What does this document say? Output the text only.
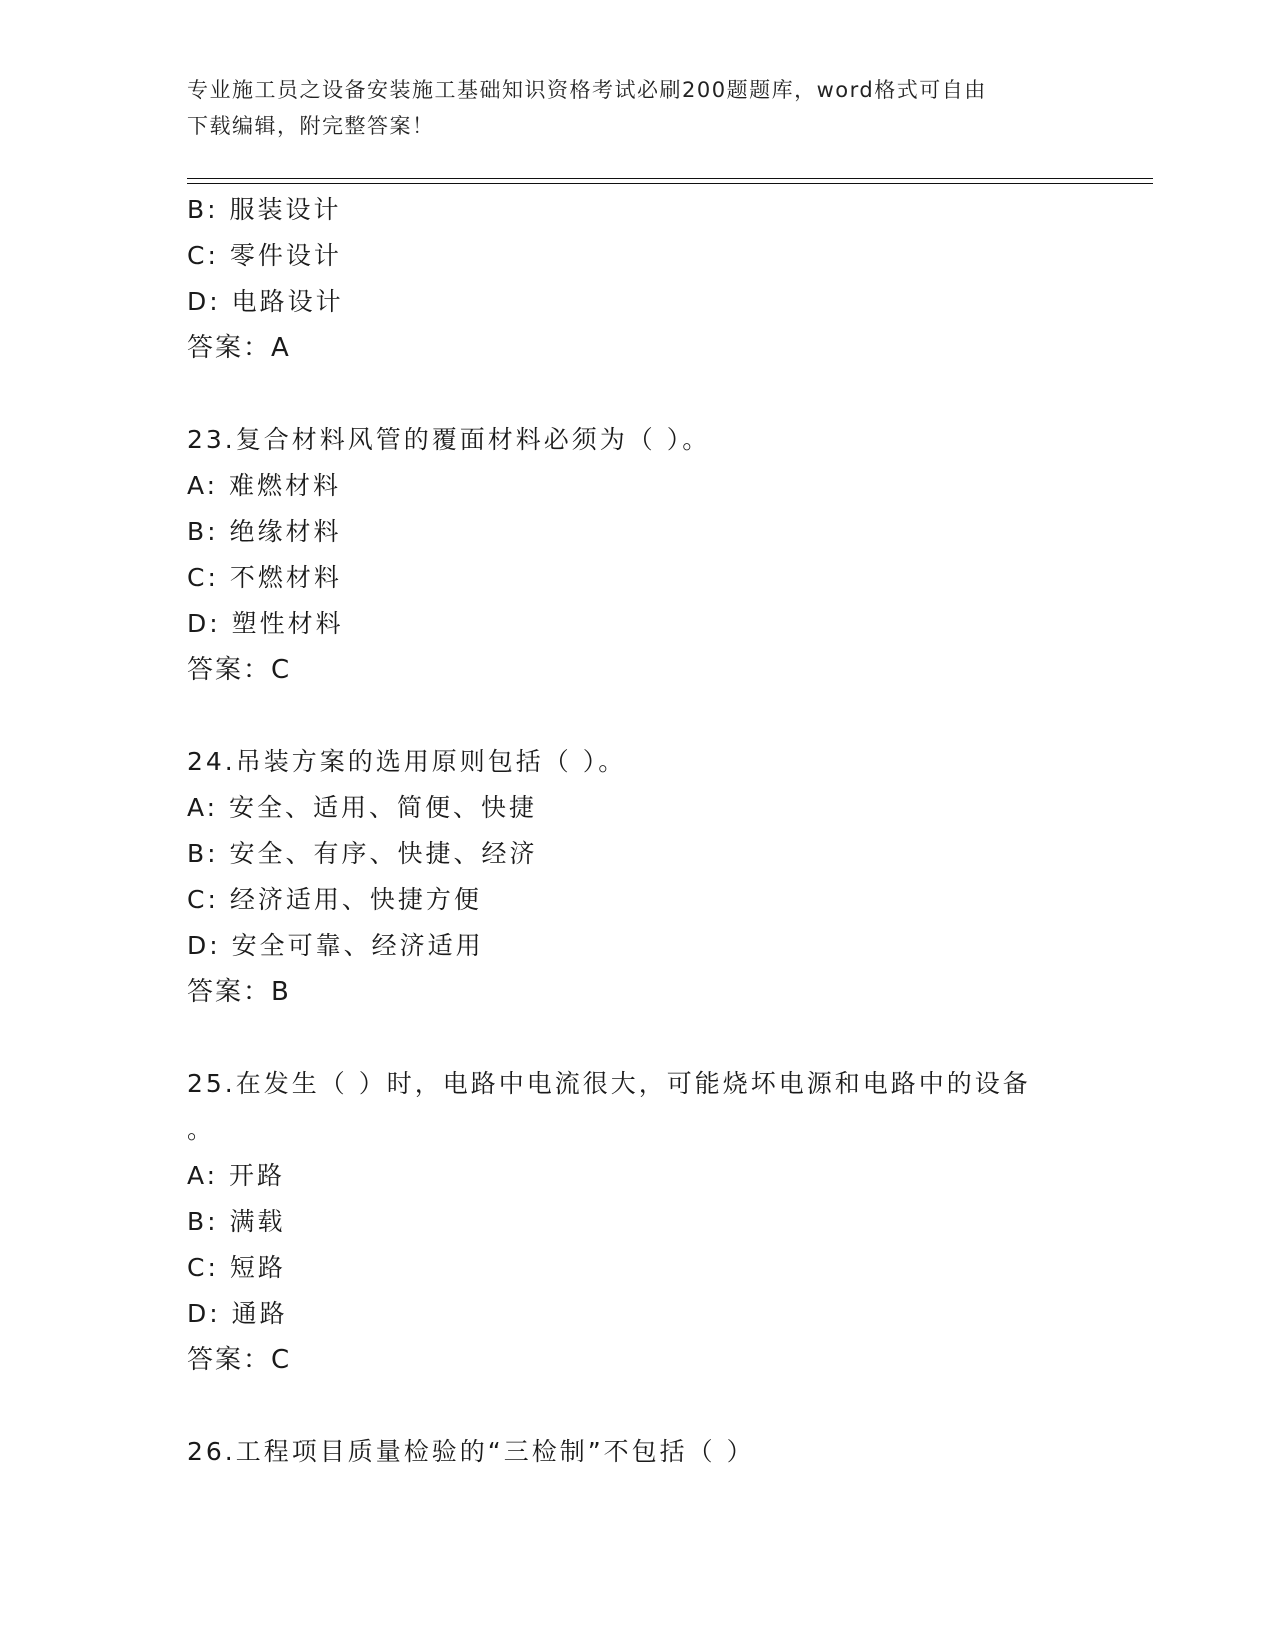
专业施工员之设备安装施工基础知识资格考试必刷200题题库，word格式可自由
下载编辑，附完整答案！
B: 服装设计
C: 零件设计
D: 电路设计
答案：A
23.复合材料风管的覆面材料必须为（ ）。
A: 难燃材料
B: 绝缘材料
C: 不燃材料
D: 塑性材料
答案：C
24.吊装方案的选用原则包括（ ）。
A: 安全、适用、简便、快捷
B: 安全、有序、快捷、经济
C: 经济适用、快捷方便
D: 安全可靠、经济适用
答案：B
25.在发生（ ）时，电路中电流很大，可能烧坏电源和电路中的设备
。
A: 开路
B: 满载
C: 短路
D: 通路
答案：C
26.工程项目质量检验的“三检制”不包括（ ）
